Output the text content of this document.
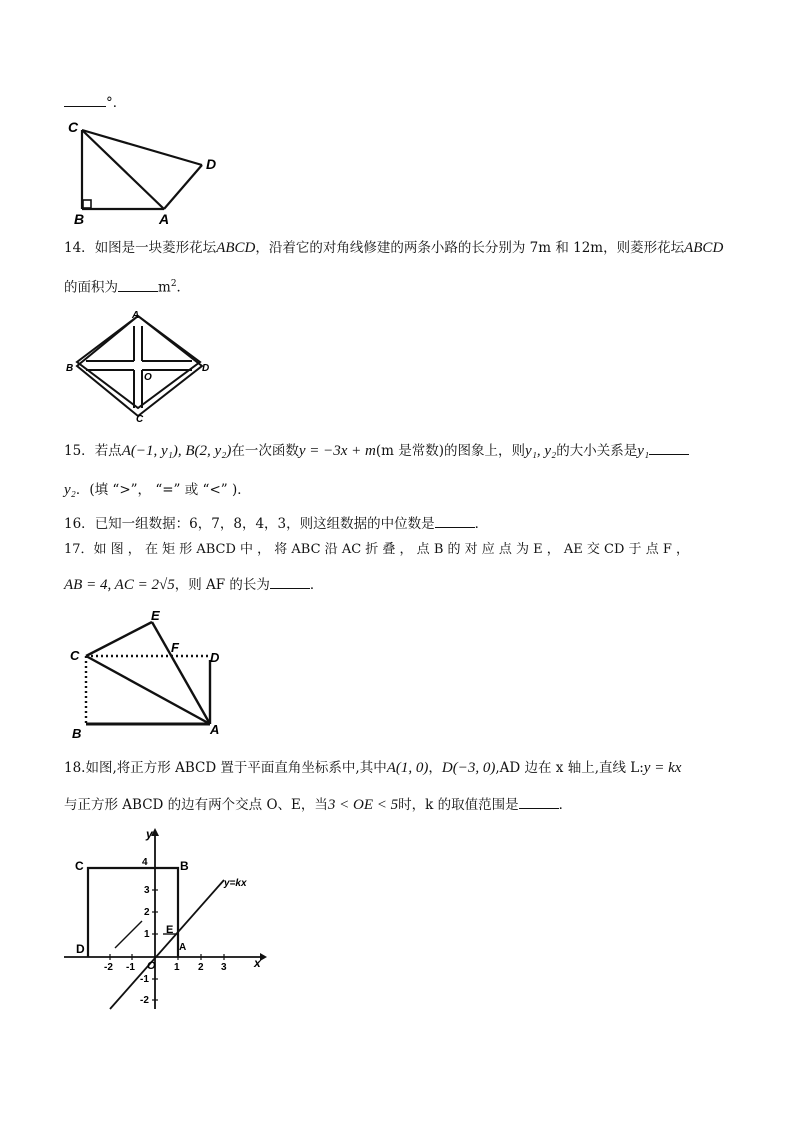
°．
C
D
B	A
14．如图是一块菱形花坛ABCD，沿着它的对角线修建的两条小路的长分别为 7m 和 12m，则菱形花坛ABCD
的面积为	$m^2$．
A
B
O
D
C
15．若点A(−1, y₁), B(2, y₂)在一次函数y = −3x + m(m 是常数)的图象上，则y₁, y₂的大小关系是y₁
y₂．(填 “>”， “=” 或 “<” )．
16．已知一组数据：6，7，8，4，3，则这组数据的中位数是	．
17．如 图 ， 在 矩 形 ABCD 中 ， 将 ABC 沿 AC 折 叠 ， 点 B 的 对 应 点 为 E ， AE 交 CD 于 点 F ，
AB = 4, AC = 2√5，则 AF 的长为	．
E
C
F
D
B	A
18.如图,将正方形 ABCD 置于平面直角坐标系中,其中A(1, 0)，D(−3, 0),AD 边在 x 轴上,直线 L:y = kx
与正方形 ABCD 的边有两个交点 O、E，当3 < OE < 5时，k 的取值范围是	．
y
x
C	B
D
E
A
O
y=kx
-2 -1	1 2 3
4
3
2
1
-1
-2
